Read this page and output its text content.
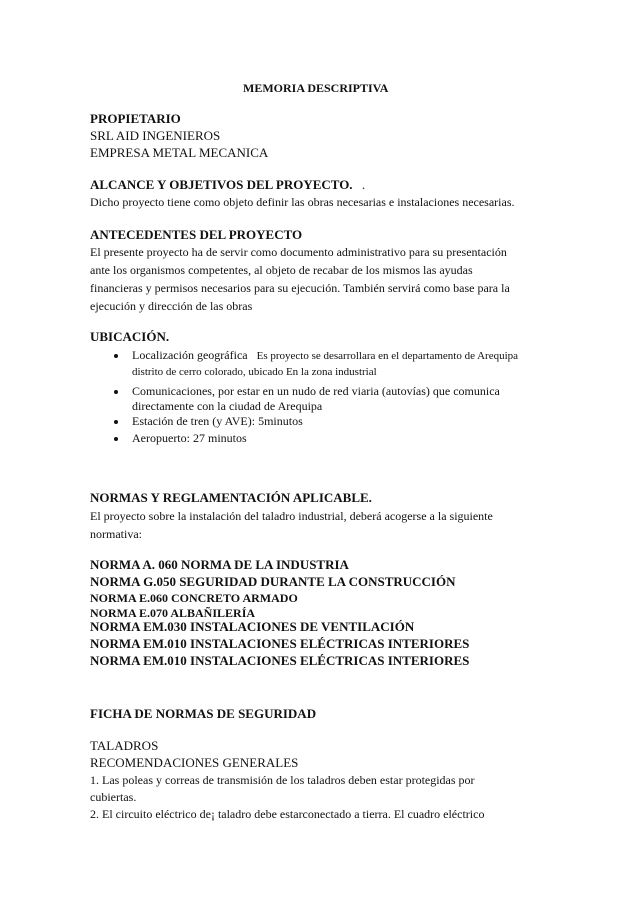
MEMORIA DESCRIPTIVA
PROPIETARIO
SRL AID INGENIEROS
EMPRESA METAL MECANICA
ALCANCE Y OBJETIVOS DEL PROYECTO. .
Dicho proyecto tiene como objeto definir las obras necesarias e instalaciones necesarias.
ANTECEDENTES DEL PROYECTO
El presente proyecto ha de servir como documento administrativo para su presentación
ante los organismos competentes, al objeto de recabar de los mismos las ayudas
financieras y permisos necesarios para su ejecución. También servirá como base para la
ejecución y dirección de las obras
UBICACIÓN.
Localización geográfica Es proyecto se desarrollara en el departamento de Arequipa
distrito de cerro colorado, ubicado En la zona industrial
Comunicaciones, por estar en un nudo de red viaria (autovías) que comunica
directamente con la ciudad de Arequipa
Estación de tren (y AVE): 5minutos
Aeropuerto: 27 minutos
NORMAS Y REGLAMENTACIÓN APLICABLE.
El proyecto sobre la instalación del taladro industrial, deberá acogerse a la siguiente
normativa:
NORMA A. 060 NORMA DE LA INDUSTRIA
NORMA G.050 SEGURIDAD DURANTE LA CONSTRUCCIÓN
NORMA E.060 CONCRETO ARMADO
NORMA E.070 ALBAÑILERÍA
NORMA EM.030 INSTALACIONES DE VENTILACIÓN
NORMA EM.010 INSTALACIONES ELÉCTRICAS INTERIORES
NORMA EM.010 INSTALACIONES ELÉCTRICAS INTERIORES
FICHA DE NORMAS DE SEGURIDAD
TALADROS
RECOMENDACIONES GENERALES
1. Las poleas y correas de transmisión de los taladros deben estar protegidas por
cubiertas.
2. El circuito eléctrico de¡ taladro debe estarconectado a tierra. El cuadro eléctrico
